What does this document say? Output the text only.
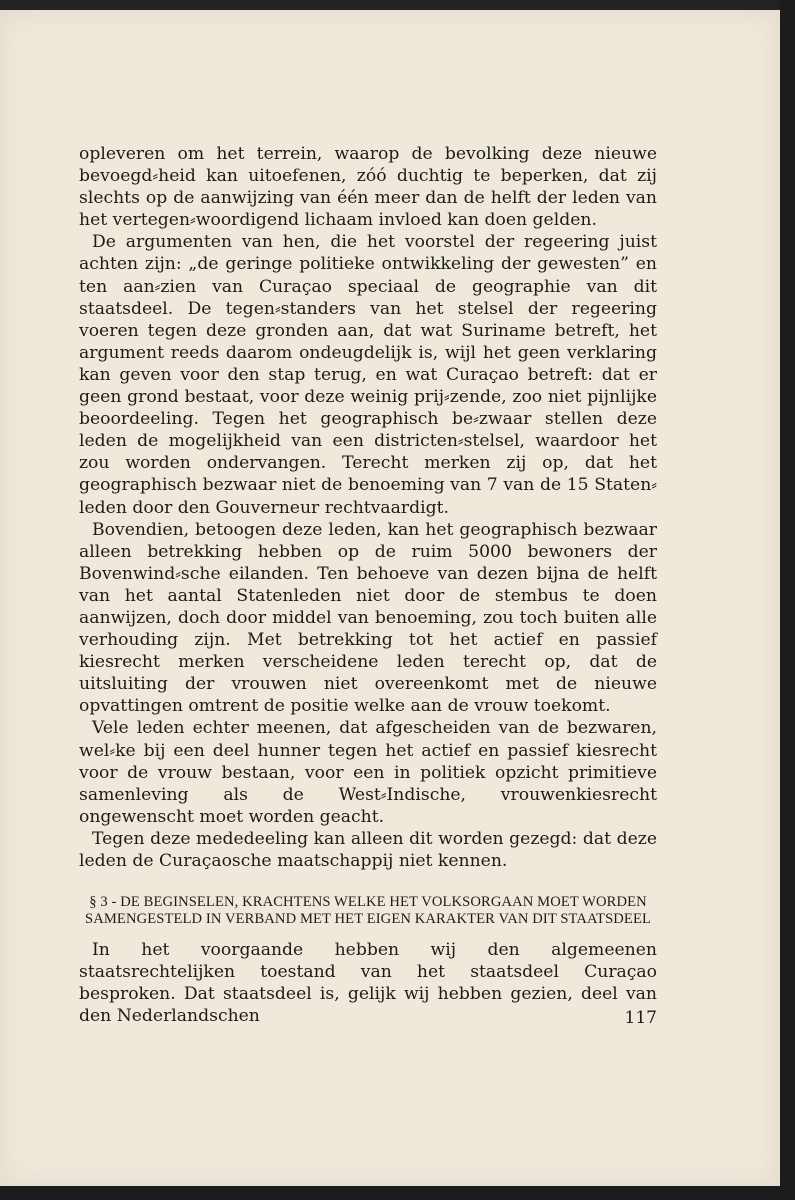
opleveren om het terrein, waarop de bevolking deze nieuwe bevoegd⸗heid kan uitoefenen, zóó duchtig te beperken, dat zij slechts op de aanwijzing van één meer dan de helft der leden van het vertegen⸗woordigend lichaam invloed kan doen gelden.

De argumenten van hen, die het voorstel der regeering juist achten zijn: „de geringe politieke ontwikkeling der gewesten” en ten aan⸗zien van Curaçao speciaal de geographie van dit staatsdeel. De tegen⸗standers van het stelsel der regeering voeren tegen deze gronden aan, dat wat Suriname betreft, het argument reeds daarom ondeugdelijk is, wijl het geen verklaring kan geven voor den stap terug, en wat Curaçao betreft: dat er geen grond bestaat, voor deze weinig prij⸗zende, zoo niet pijnlijke beoordeeling. Tegen het geographisch be⸗zwaar stellen deze leden de mogelijkheid van een districten⸗stelsel, waardoor het zou worden ondervangen. Terecht merken zij op, dat het geographisch bezwaar niet de benoeming van 7 van de 15 Staten⸗leden door den Gouverneur rechtvaardigt.

Bovendien, betoogen deze leden, kan het geographisch bezwaar alleen betrekking hebben op de ruim 5000 bewoners der Bovenwind⸗sche eilanden. Ten behoeve van dezen bijna de helft van het aantal Statenleden niet door de stembus te doen aanwijzen, doch door middel van benoeming, zou toch buiten alle verhouding zijn. Met betrekking tot het actief en passief kiesrecht merken verscheidene leden terecht op, dat de uitsluiting der vrouwen niet overeenkomt met de nieuwe opvattingen omtrent de positie welke aan de vrouw toekomt.

Vele leden echter meenen, dat afgescheiden van de bezwaren, wel⸗ke bij een deel hunner tegen het actief en passief kiesrecht voor de vrouw bestaan, voor een in politiek opzicht primitieve samenleving als de West⸗Indische, vrouwenkiesrecht ongewenscht moet worden geacht.

Tegen deze mededeeling kan alleen dit worden gezegd: dat deze leden de Curaçaosche maatschappij niet kennen.

§ 3 - DE BEGINSELEN, KRACHTENS WELKE HET VOLKSORGAAN MOET WORDEN SAMENGESTELD IN VERBAND MET HET EIGEN KARAKTER VAN DIT STAATSDEEL

In het voorgaande hebben wij den algemeenen staatsrechtelijken toestand van het staatsdeel Curaçao besproken. Dat staatsdeel is, gelijk wij hebben gezien, deel van den Nederlandschen	117
